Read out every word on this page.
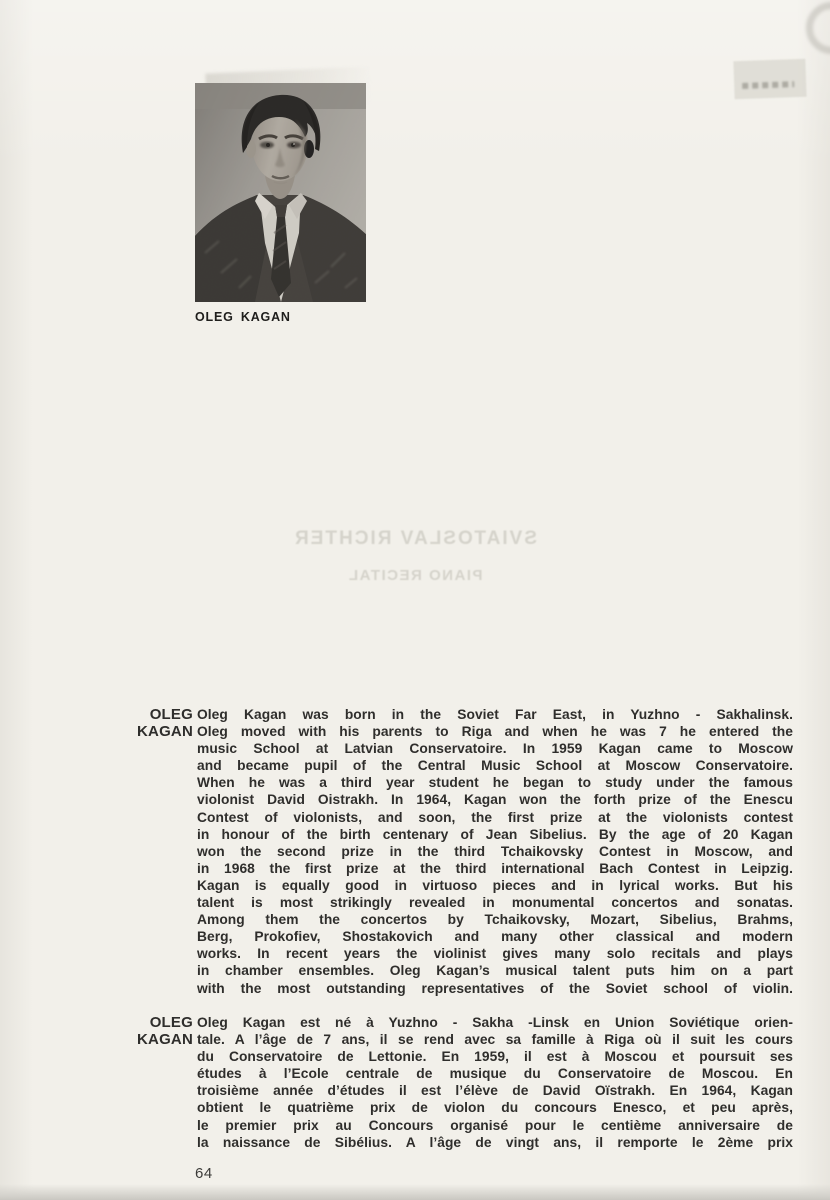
SVIATOSLAV RICHTER
PIANO RECITAL
OLEG KAGAN
OLEG
KAGAN
Oleg Kagan was born in the Soviet Far East, in Yuzhno - Sakhalinsk.
Oleg moved with his parents to Riga and when he was 7 he entered the
music School at Latvian Conservatoire. In 1959 Kagan came to Moscow
and became pupil of the Central Music School at Moscow Conservatoire.
When he was a third year student he began to study under the famous
violonist David Oistrakh. In 1964, Kagan won the forth prize of the Enescu
Contest of violonists, and soon, the first prize at the violonists contest
in honour of the birth centenary of Jean Sibelius. By the age of 20 Kagan
won the second prize in the third Tchaikovsky Contest in Moscow, and
in 1968 the first prize at the third international Bach Contest in Leipzig.
Kagan is equally good in virtuoso pieces and in lyrical works. But his
talent is most strikingly revealed in monumental concertos and sonatas.
Among them the concertos by Tchaikovsky, Mozart, Sibelius, Brahms,
Berg, Prokofiev, Shostakovich and many other classical and modern
works. In recent years the violinist gives many solo recitals and plays
in chamber ensembles. Oleg Kagan’s musical talent puts him on a part
with the most outstanding representatives of the Soviet school of violin.
OLEG
KAGAN
Oleg Kagan est né à Yuzhno - Sakha -Linsk en Union Soviétique orien-
tale. A l’âge de 7 ans, il se rend avec sa famille à Riga où il suit les cours
du Conservatoire de Lettonie. En 1959, il est à Moscou et poursuit ses
études à l’Ecole centrale de musique du Conservatoire de Moscou. En
troisième année d’études il est l’élève de David Oïstrakh. En 1964, Kagan
obtient le quatrième prix de violon du concours Enesco, et peu après,
le premier prix au Concours organisé pour le centième anniversaire de
la naissance de Sibélius. A l’âge de vingt ans, il remporte le 2ème prix
64
